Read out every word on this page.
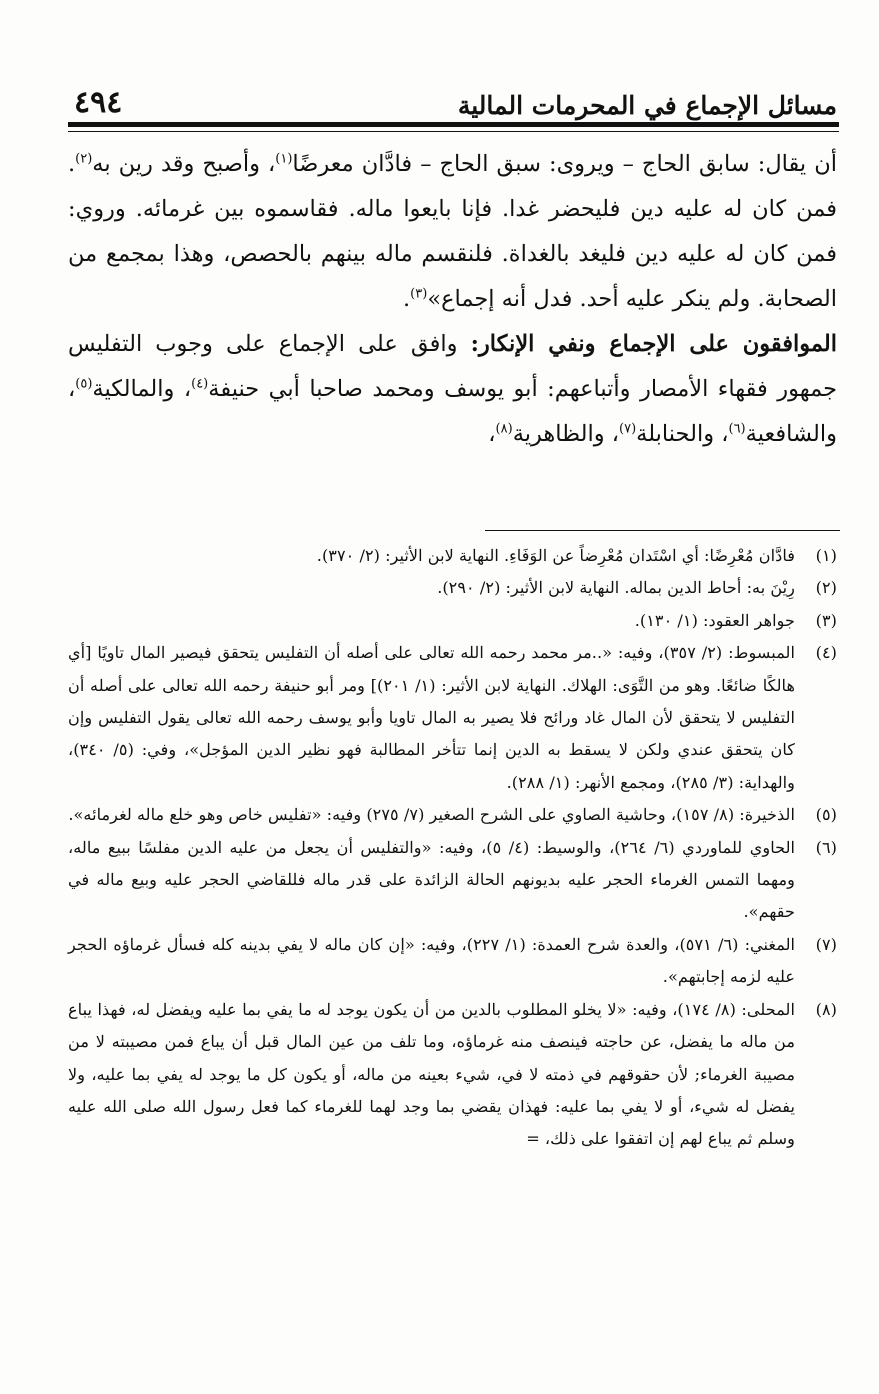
٤٩٤	مسائل الإجماع في المحرمات المالية

أن يقال: سابق الحاج – ويروى: سبق الحاج – فادَّان معرضًا$^{(١)}$، وأصبح وقد رين به$^{(٢)}$. فمن كان له عليه دين فليحضر غدا. فإنا بايعوا ماله. فقاسموه بين غرمائه. وروي: فمن كان له عليه دين فليغد بالغداة. فلنقسم ماله بينهم بالحصص، وهذا بمجمع من الصحابة. ولم ينكر عليه أحد. فدل أنه إجماع»$^{(٣)}$.

الموافقون على الإجماع ونفي الإنكار: وافق على الإجماع على وجوب التفليس جمهور فقهاء الأمصار وأتباعهم: أبو يوسف ومحمد صاحبا أبي حنيفة$^{(٤)}$، والمالكية$^{(٥)}$، والشافعية$^{(٦)}$، والحنابلة$^{(٧)}$، والظاهرية$^{(٨)}$،

(١)
فادَّان مُعْرِضًا: أي اسْتَدان مُعْرِضاً عن الوَفَاءِ. النهاية لابن الأثير: (٢/ ٣٧٠).
(٢)
رِيْنَ به: أحاط الدين بماله. النهاية لابن الأثير: (٢/ ٢٩٠).
(٣)
جواهر العقود: (١/ ١٣٠).
(٤)
المبسوط: (٢/ ٣٥٧)، وفيه: «..مر محمد رحمه الله تعالى على أصله أن التفليس يتحقق فيصير المال تاويًا [أي هالكًا ضائعًا. وهو من التَّوَى: الهلاك. النهاية لابن الأثير: (١/ ٢٠١)] ومر أبو حنيفة رحمه الله تعالى على أصله أن التفليس لا يتحقق لأن المال غاد ورائح فلا يصير به المال تاويا وأبو يوسف رحمه الله تعالى يقول التفليس وإن كان يتحقق عندي ولكن لا يسقط به الدين إنما تتأخر المطالبة فهو نظير الدين المؤجل»، وفي: (٥/ ٣٤٠)، والهداية: (٣/ ٢٨٥)، ومجمع الأنهر: (١/ ٢٨٨).
(٥)
الذخيرة: (٨/ ١٥٧)، وحاشية الصاوي على الشرح الصغير (٧/ ٢٧٥) وفيه: «تفليس خاص وهو خلع ماله لغرمائه».
(٦)
الحاوي للماوردي (٦/ ٢٦٤)، والوسيط: (٤/ ٥)، وفيه: «والتفليس أن يجعل من عليه الدين مفلسًا ببيع ماله، ومهما التمس الغرماء الحجر عليه بديونهم الحالة الزائدة على قدر ماله فللقاضي الحجر عليه وبيع ماله في حقهم».
(٧)
المغني: (٦/ ٥٧١)، والعدة شرح العمدة: (١/ ٢٢٧)، وفيه: «إن كان ماله لا يفي بدينه كله فسأل غرماؤه الحجر عليه لزمه إجابتهم».
(٨)
المحلى: (٨/ ١٧٤)، وفيه: «لا يخلو المطلوب بالدين من أن يكون يوجد له ما يفي بما عليه ويفضل له، فهذا يباع من ماله ما يفضل، عن حاجته فينصف منه غرماؤه، وما تلف من عين المال قبل أن يباع فمن مصيبته لا من مصيبة الغرماء; لأن حقوقهم في ذمته لا في، شيء بعينه من ماله، أو يكون كل ما يوجد له يفي بما عليه، ولا يفضل له شيء، أو لا يفي بما عليه: فهذان يقضي بما وجد لهما للغرماء كما فعل رسول الله صلى الله عليه وسلم ثم يباع لهم إن اتفقوا على ذلك، =
